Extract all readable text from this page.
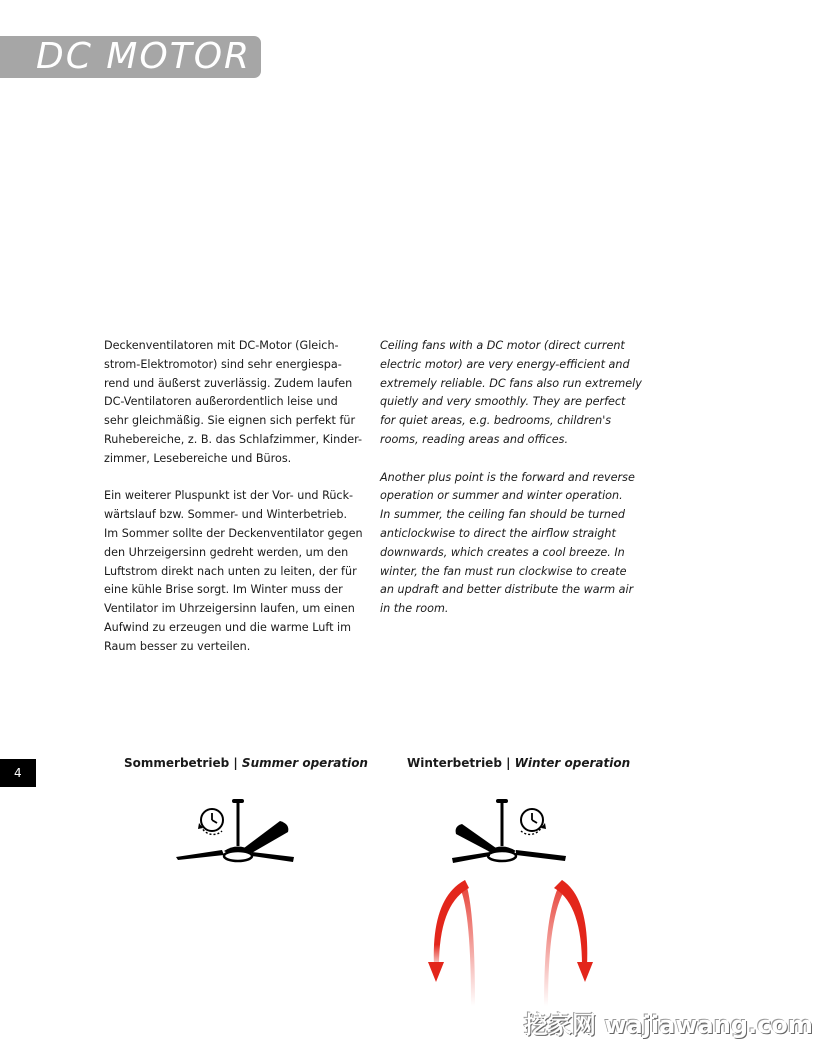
DC MOTOR

Deckenventilatoren mit DC-Motor (Gleich-
strom-Elektromotor) sind sehr energiespa-
rend und äußerst zuverlässig. Zudem laufen
DC-Ventilatoren außerordentlich leise und
sehr gleichmäßig. Sie eignen sich perfekt für
Ruhebereiche, z. B. das Schlafzimmer, Kinder-
zimmer, Lesebereiche und Büros.

Ein weiterer Pluspunkt ist der Vor- und Rück-
wärtslauf bzw. Sommer- und Winterbetrieb.
Im Sommer sollte der Deckenventilator gegen
den Uhrzeigersinn gedreht werden, um den
Luftstrom direkt nach unten zu leiten, der für
eine kühle Brise sorgt. Im Winter muss der
Ventilator im Uhrzeigersinn laufen, um einen
Aufwind zu erzeugen und die warme Luft im
Raum besser zu verteilen.

Ceiling fans with a DC motor (direct current
electric motor) are very energy-efficient and
extremely reliable. DC fans also run extremely
quietly and very smoothly. They are perfect
for quiet areas, e.g. bedrooms, children's
rooms, reading areas and offices.

Another plus point is the forward and reverse
operation or summer and winter operation.
In summer, the ceiling fan should be turned
anticlockwise to direct the airflow straight
downwards, which creates a cool breeze. In
winter, the fan must run clockwise to create
an updraft and better distribute the warm air
in the room.

4
Sommerbetrieb | Summer operation	Winterbetrieb | Winter operation
挖家网 wajiawang.com
